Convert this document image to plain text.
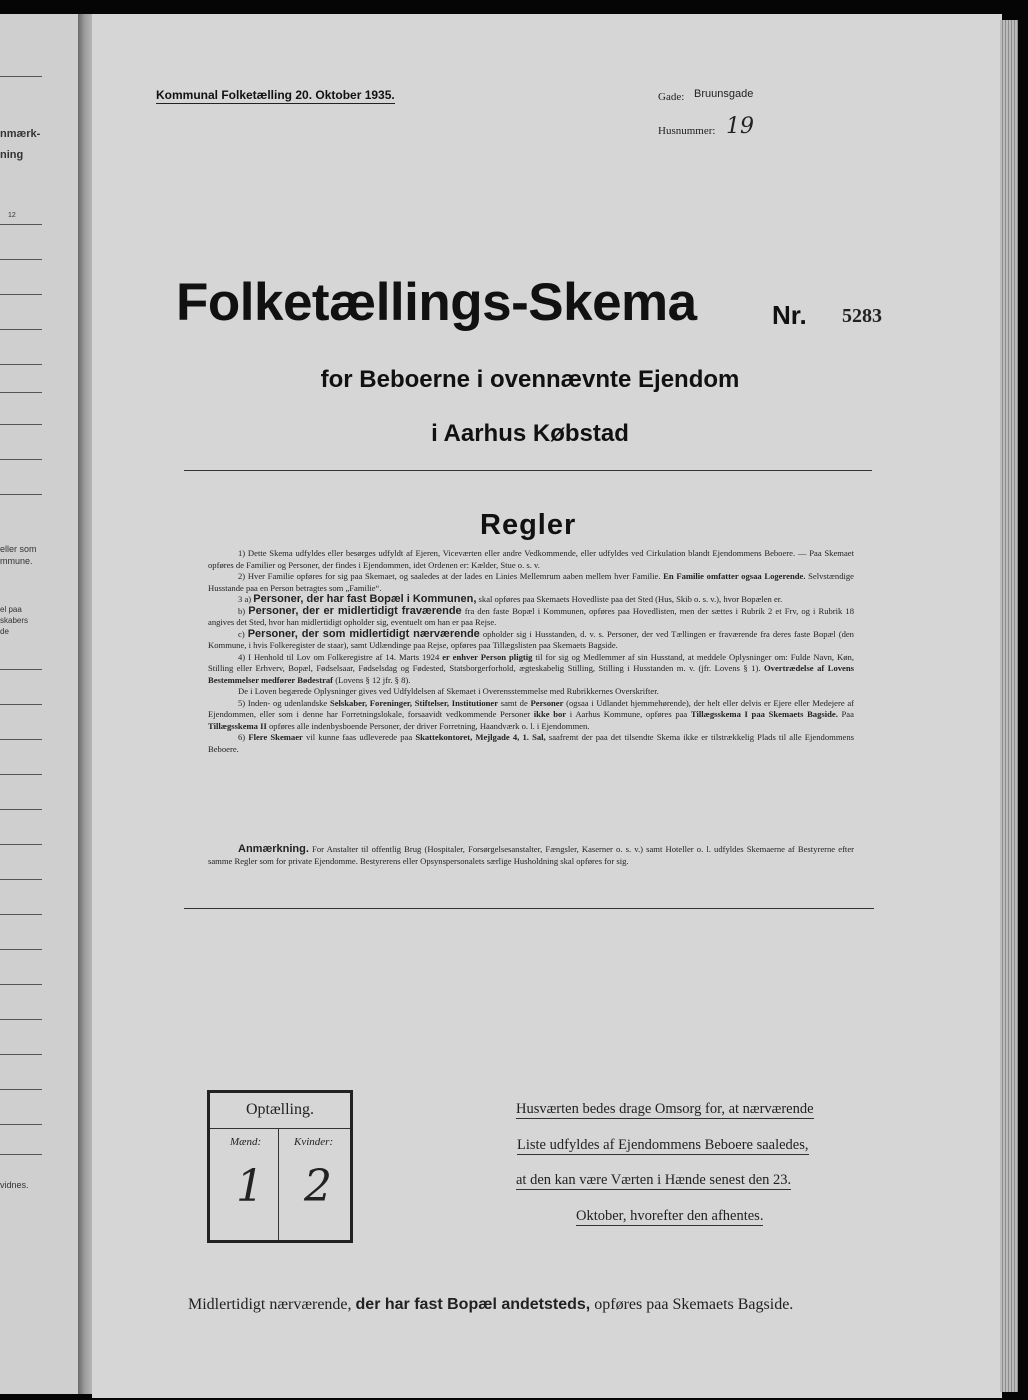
nmærk-
ning
12
eller som
mmune.
el paa
skabers
de
vidnes.
Kommunal Folketælling 20. Oktober 1935.	Gade: Bruunsgade
Husnummer: 19
Folketællings-Skema	Nr. 5283
for Beboerne i ovennævnte Ejendom
i Aarhus Købstad
Regler

1) Dette Skema udfyldes eller besørges udfyldt af Ejeren, Viceværten eller andre Vedkommende, eller udfyldes ved Cirkulation blandt Ejendommens Beboere. — Paa Skemaet opføres de Familier og Personer, der findes i Ejendommen, idet Ordenen er: Kælder, Stue o. s. v.

2) Hver Familie opføres for sig paa Skemaet, og saaledes at der lades en Linies Mellemrum aaben mellem hver Familie. En Familie omfatter ogsaa Logerende. Selvstændige Husstande paa en Person betragtes som „Familie“.

3 a) Personer, der har fast Bopæl i Kommunen, skal opføres paa Skemaets Hovedliste paa det Sted (Hus, Skib o. s. v.), hvor Bopælen er.

b) Personer, der er midlertidigt fraværende fra den faste Bopæl i Kommunen, opføres paa Hovedlisten, men der sættes i Rubrik 2 et Frv, og i Rubrik 18 angives det Sted, hvor han midlertidigt opholder sig, eventuelt om han er paa Rejse.

c) Personer, der som midlertidigt nærværende opholder sig i Husstanden, d. v. s. Personer, der ved Tællingen er fraværende fra deres faste Bopæl (den Kommune, i hvis Folkeregister de staar), samt Udlændinge paa Rejse, opføres paa Tillægslisten paa Skemaets Bagside.

4) I Henhold til Lov om Folkeregistre af 14. Marts 1924 er enhver Person pligtig til for sig og Medlemmer af sin Husstand, at meddele Oplysninger om: Fulde Navn, Køn, Stilling eller Erhverv, Bopæl, Fødselsaar, Fødselsdag og Fødested, Statsborgerforhold, ægteskabelig Stilling, Stilling i Husstanden m. v. (jfr. Lovens § 1). Overtrædelse af Lovens Bestemmelser medfører Bødestraf (Lovens § 12 jfr. § 8).

De i Loven begærede Oplysninger gives ved Udfyldelsen af Skemaet i Overensstemmelse med Rubrikkernes Overskrifter.

5) Inden- og udenlandske Selskaber, Foreninger, Stiftelser, Institutioner samt de Personer (ogsaa i Udlandet hjemmehørende), der helt eller delvis er Ejere eller Medejere af Ejendommen, eller som i denne har Forretningslokale, forsaavidt vedkommende Personer ikke bor i Aarhus Kommune, opføres paa Tillægsskema I paa Skemaets Bagside. Paa Tillægsskema II opføres alle indenbysboende Personer, der driver Forretning, Haandværk o. l. i Ejendommen.

6) Flere Skemaer vil kunne faas udleverede paa Skattekontoret, Mejlgade 4, 1. Sal, saafremt der paa det tilsendte Skema ikke er tilstrækkelig Plads til alle Ejendommens Beboere.

Anmærkning. For Anstalter til offentlig Brug (Hospitaler, Forsørgelsesanstalter, Fængsler, Kaserner o. s. v.) samt Hoteller o. l. udfyldes Skemaerne af Bestyrerne efter samme Regler som for private Ejendomme. Bestyrerens eller Opsynspersonalets særlige Husholdning skal opføres for sig.

Optælling.
Mænd:	Kvinder:
1 2
Husværten bedes drage Omsorg for, at nærværende
Liste udfyldes af Ejendommens Beboere saaledes,
at den kan være Værten i Hænde senest den 23.
Oktober, hvorefter den afhentes.
Midlertidigt nærværende, der har fast Bopæl andetsteds, opføres paa Skemaets Bagside.
